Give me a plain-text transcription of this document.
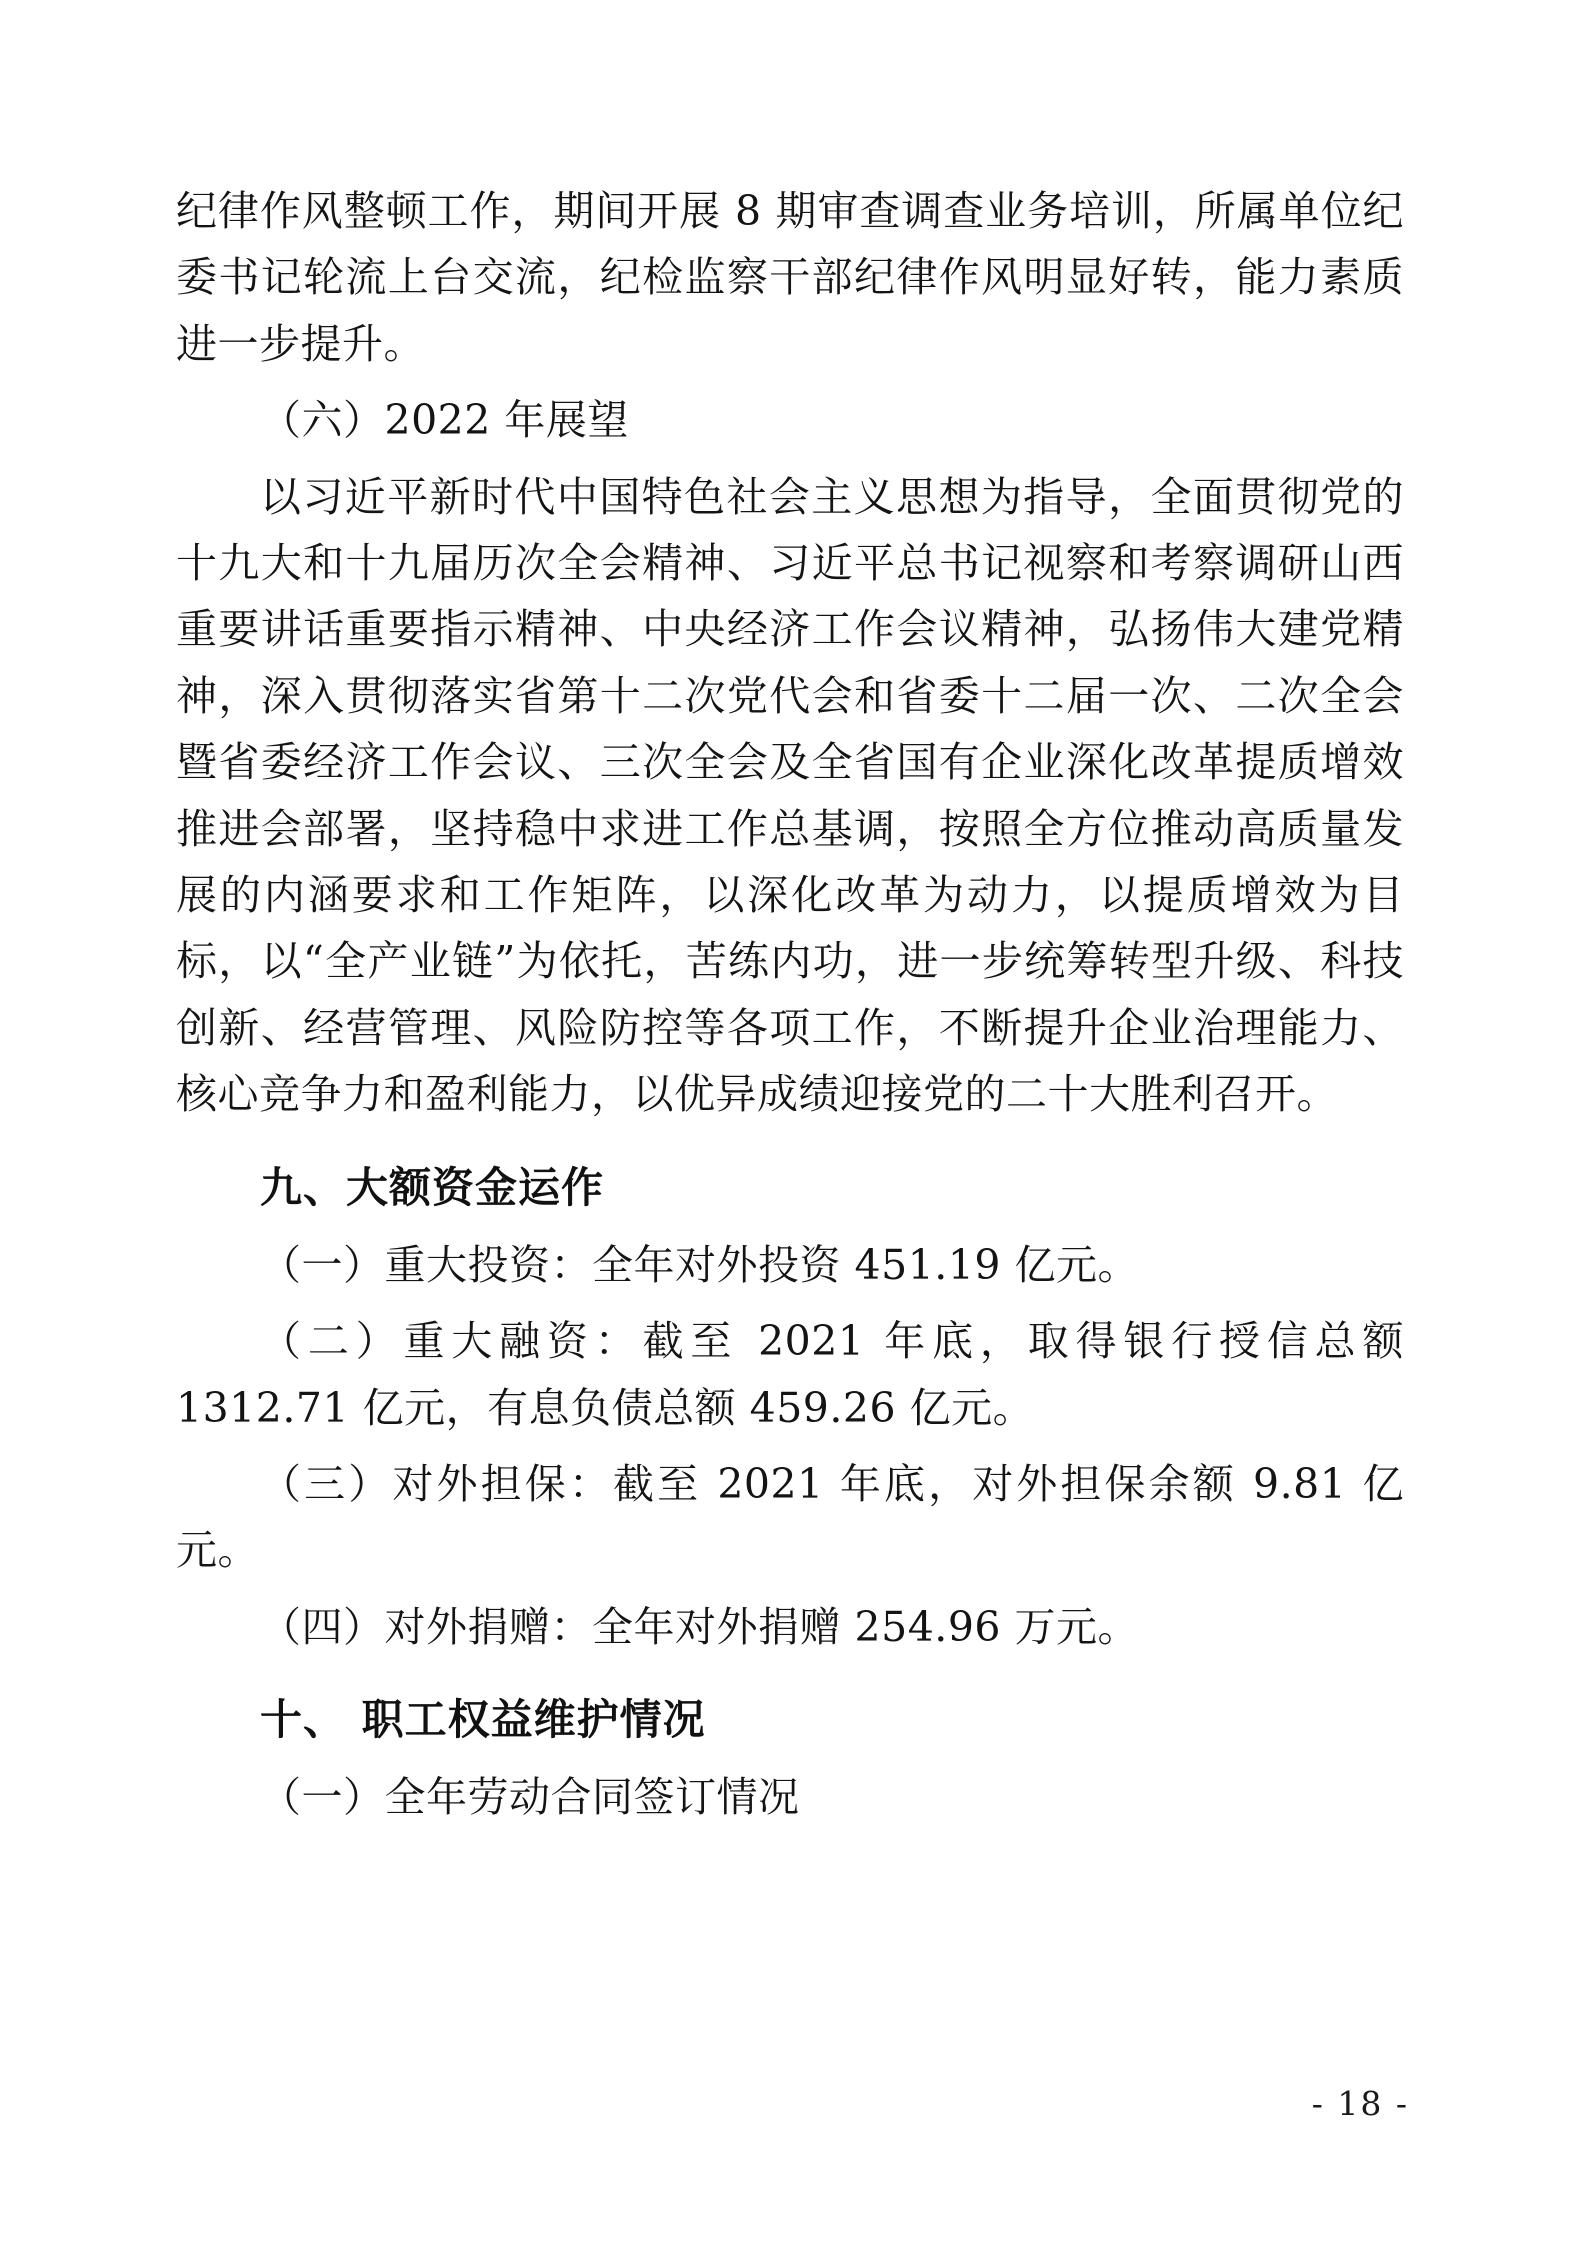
纪律作风整顿工作，期间开展 8 期审查调查业务培训，所属单位纪委书记轮流上台交流，纪检监察干部纪律作风明显好转，能力素质进一步提升。

（六）2022 年展望

以习近平新时代中国特色社会主义思想为指导，全面贯彻党的十九大和十九届历次全会精神、习近平总书记视察和考察调研山西重要讲话重要指示精神、中央经济工作会议精神，弘扬伟大建党精神，深入贯彻落实省第十二次党代会和省委十二届一次、二次全会暨省委经济工作会议、三次全会及全省国有企业深化改革提质增效推进会部署，坚持稳中求进工作总基调，按照全方位推动高质量发展的内涵要求和工作矩阵，以深化改革为动力，以提质增效为目标，以“全产业链”为依托，苦练内功，进一步统筹转型升级、科技创新、经营管理、风险防控等各项工作，不断提升企业治理能力、核心竞争力和盈利能力，以优异成绩迎接党的二十大胜利召开。

九、大额资金运作

（一）重大投资：全年对外投资 451.19 亿元。

（二）重大融资：截至 2021 年底，取得银行授信总额 1312.71 亿元，有息负债总额 459.26 亿元。

（三）对外担保：截至 2021 年底，对外担保余额 9.81 亿元。

（四）对外捐赠：全年对外捐赠 254.96 万元。

十、 职工权益维护情况

（一）全年劳动合同签订情况

- 18 -
